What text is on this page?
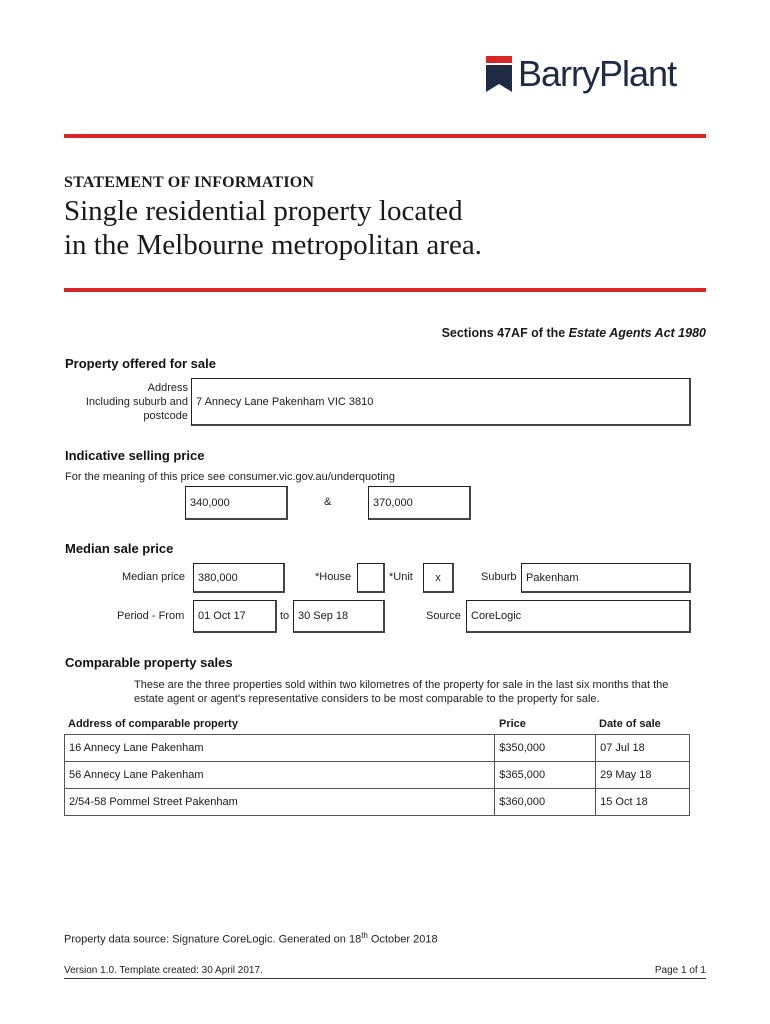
BarryPlant
STATEMENT OF INFORMATION
Single residential property located
in the Melbourne metropolitan area.
Sections 47AF of the Estate Agents Act 1980
Property offered for sale
Address
Including suburb and
postcode
7 Annecy Lane Pakenham VIC 3810
Indicative selling price
For the meaning of this price see consumer.vic.gov.au/underquoting
340,000	&	370,000
Median sale price
Median price	380,000	*House	*Unit	x	Suburb Pakenham
Period - From	01 Oct 17	to 30 Sep 18	Source CoreLogic
Comparable property sales
These are the three properties sold within two kilometres of the property for sale in the last six months that the
estate agent or agent's representative considers to be most comparable to the property for sale.
Address of comparable property	Price	Date of sale
16 Annecy Lane Pakenham	$350,000	07 Jul 18
56 Annecy Lane Pakenham	$365,000	29 May 18
2/54-58 Pommel Street Pakenham	$360,000	15 Oct 18
Property data source: Signature CoreLogic. Generated on 18th October 2018
Version 1.0. Template created: 30 April 2017.	Page 1 of 1
